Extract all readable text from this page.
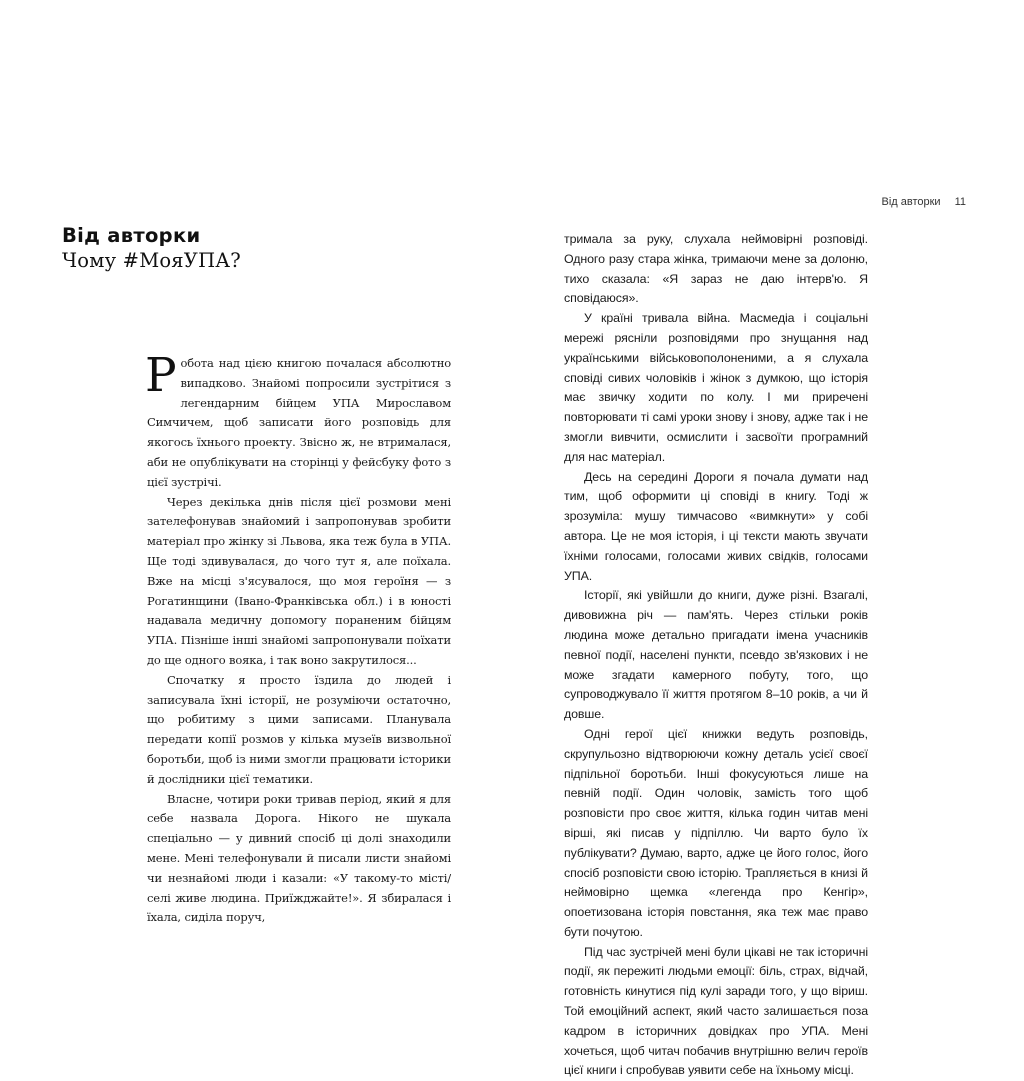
Від авторки 11
Від авторки
Чому #МояУПА?

Робота над цією книгою почалася абсолютно випадково. Знайомі попросили зустрітися з легендарним бійцем УПА Мирославом Симчичем, щоб записати його розповідь для якогось їхнього проекту. Звісно ж, не втрималася, аби не опублікувати на сторінці у фейсбуку фото з цієї зустрічі.

Через декілька днів після цієї розмови мені зателефонував знайомий і запропонував зробити матеріал про жінку зі Львова, яка теж була в УПА. Ще тоді здивувалася, до чого тут я, але поїхала. Вже на місці з'ясувалося, що моя героїня — з Рогатинщини (Івано-Франківська обл.) і в юності надавала медичну допомогу пораненим бійцям УПА. Пізніше інші знайомі запропонували поїхати до ще одного вояка, і так воно закрутилося...

Спочатку я просто їздила до людей і записувала їхні історії, не розуміючи остаточно, що робитиму з цими записами. Планувала передати копії розмов у кілька музеїв визвольної боротьби, щоб із ними змогли працювати історики й дослідники цієї тематики.

Власне, чотири роки тривав період, який я для себе назвала Дорога. Нікого не шукала спеціально — у дивний спосіб ці долі знаходили мене. Мені телефонували й писали листи знайомі чи незнайомі люди і казали: «У такому-то місті/селі живе людина. Приїжджайте!». Я збиралася і їхала, сиділа поруч,

тримала за руку, слухала неймовірні розповіді. Одного разу стара жінка, тримаючи мене за долоню, тихо сказала: «Я зараз не даю інтерв'ю. Я сповідаюся».

У країні тривала війна. Масмедіа і соціальні мережі рясніли розповідями про знущання над українськими військовополоненими, а я слухала сповіді сивих чоловіків і жінок з думкою, що історія має звичку ходити по колу. І ми приречені повторювати ті самі уроки знову і знову, адже так і не змогли вивчити, осмислити і засвоїти програмний для нас матеріал.

Десь на середині Дороги я почала думати над тим, щоб оформити ці сповіді в книгу. Тоді ж зрозуміла: мушу тимчасово «вимкнути» у собі автора. Це не моя історія, і ці тексти мають звучати їхніми голосами, голосами живих свідків, голосами УПА.

Історії, які увійшли до книги, дуже різні. Взагалі, дивовижна річ — пам'ять. Через стільки років людина може детально пригадати імена учасників певної події, населені пункти, псевдо зв'язкових і не може згадати камерного побуту, того, що супроводжувало її життя протягом 8–10 років, а чи й довше.

Одні герої цієї книжки ведуть розповідь, скрупульозно відтворюючи кожну деталь усієї своєї підпільної боротьби. Інші фокусуються лише на певній події. Один чоловік, замість того щоб розповісти про своє життя, кілька годин читав мені вірші, які писав у підпіллю. Чи варто було їх публікувати? Думаю, варто, адже це його голос, його спосіб розповісти свою історію. Трапляється в книзі й неймовірно щемка «легенда про Кенгір», опоетизована історія повстання, яка теж має право бути почутою.

Під час зустрічей мені були цікаві не так історичні події, як пережиті людьми емоції: біль, страх, відчай, готовність кинутися під кулі заради того, у що віриш. Той емоційний аспект, який часто залишається поза кадром в історичних довідках про УПА. Мені хочеться, щоб читач побачив внутрішню велич героїв цієї книги і спробував уявити себе на їхньому місці.
